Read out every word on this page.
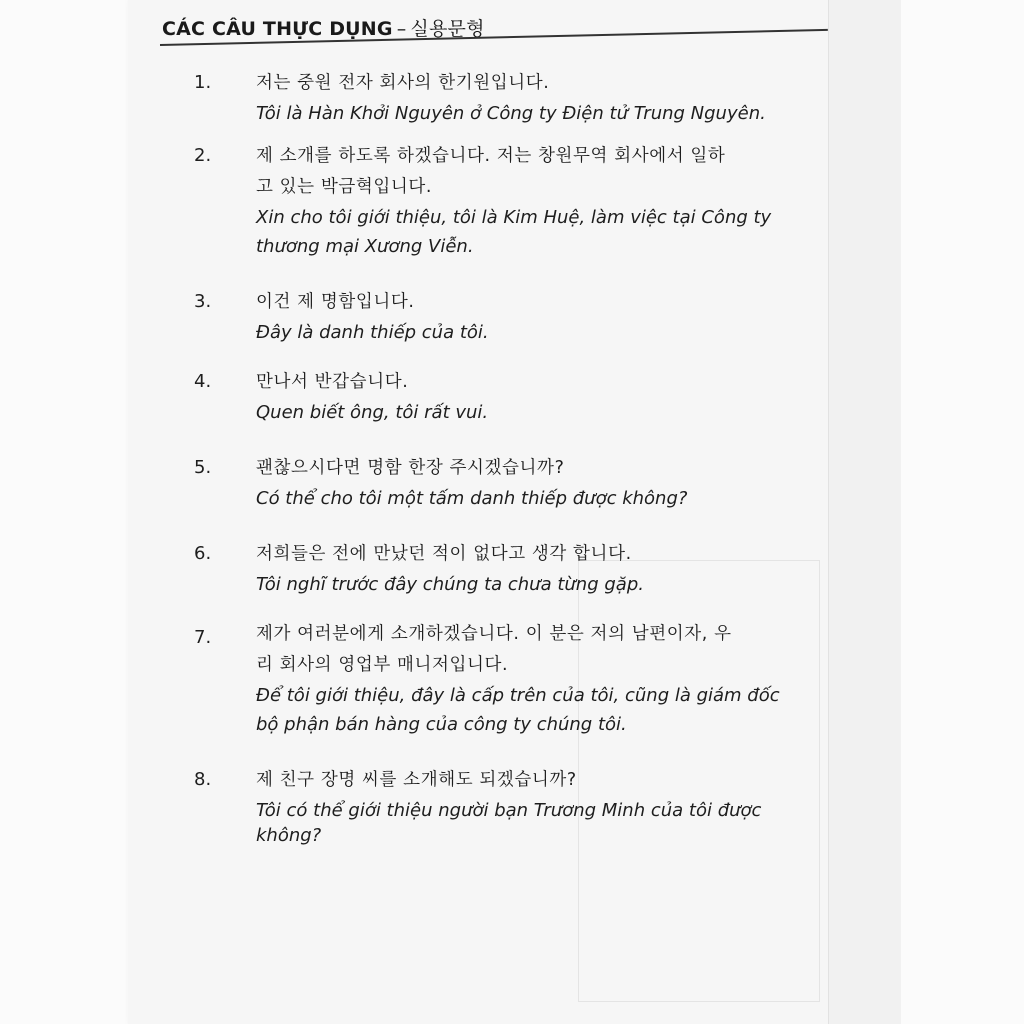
CÁC CÂU THỰC DỤNG – 실용문형
1.	저는 중원 전자 회사의 한기원입니다.
Tôi là Hàn Khởi Nguyên ở Công ty Điện tử Trung Nguyên.
2.	제 소개를 하도록 하겠습니다. 저는 창원무역 회사에서 일하
고 있는 박금혁입니다.
Xin cho tôi giới thiệu, tôi là Kim Huệ, làm việc tại Công ty
thương mại Xương Viễn.
3.	이건 제 명함입니다.
Đây là danh thiếp của tôi.
4.	만나서 반갑습니다.
Quen biết ông, tôi rất vui.
5.	괜찮으시다면 명함 한장 주시겠습니까?
Có thể cho tôi một tấm danh thiếp được không?
6.	저희들은 전에 만났던 적이 없다고 생각 합니다.
Tôi nghĩ trước đây chúng ta chưa từng gặp.
7.	제가 여러분에게 소개하겠습니다. 이 분은 저의 남편이자, 우
리 회사의 영업부 매니저입니다.
Để tôi giới thiệu, đây là cấp trên của tôi, cũng là giám đốc
bộ phận bán hàng của công ty chúng tôi.
8.	제 친구 장명 씨를 소개해도 되겠습니까?
Tôi có thể giới thiệu người bạn Trương Minh của tôi được
không?
